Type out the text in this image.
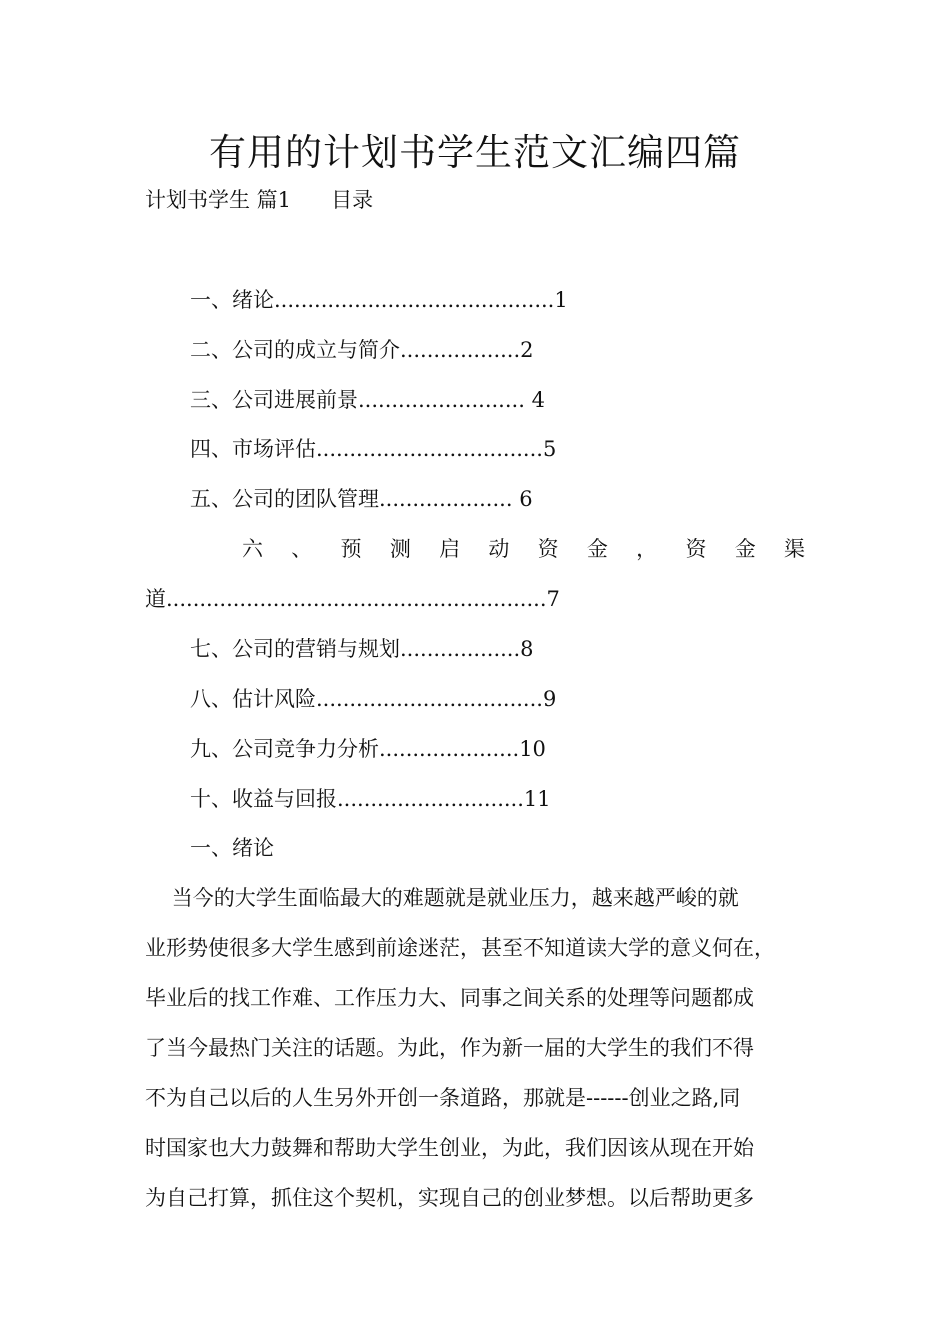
有用的计划书学生范文汇编四篇
计划书学生 篇1      目录
一、绪论..........................................1
二、公司的成立与简介..................2
三、公司进展前景......................... 4
四、市场评估..................................5
五、公司的团队管理.................... 6
六 、 预 测 启 动 资 金 ， 资 金 渠
道.........................................................7
七、公司的营销与规划..................8
八、估计风险..................................9
九、公司竞争力分析.....................10
十、收益与回报............................11
一、绪论
当今的大学生面临最大的难题就是就业压力，越来越严峻的就
业形势使很多大学生感到前途迷茫，甚至不知道读大学的意义何在，
毕业后的找工作难、工作压力大、同事之间关系的处理等问题都成
了当今最热门关注的话题。为此，作为新一届的大学生的我们不得
不为自己以后的人生另外开创一条道路，那就是------创业之路,同
时国家也大力鼓舞和帮助大学生创业，为此，我们因该从现在开始
为自己打算，抓住这个契机，实现自己的创业梦想。以后帮助更多
